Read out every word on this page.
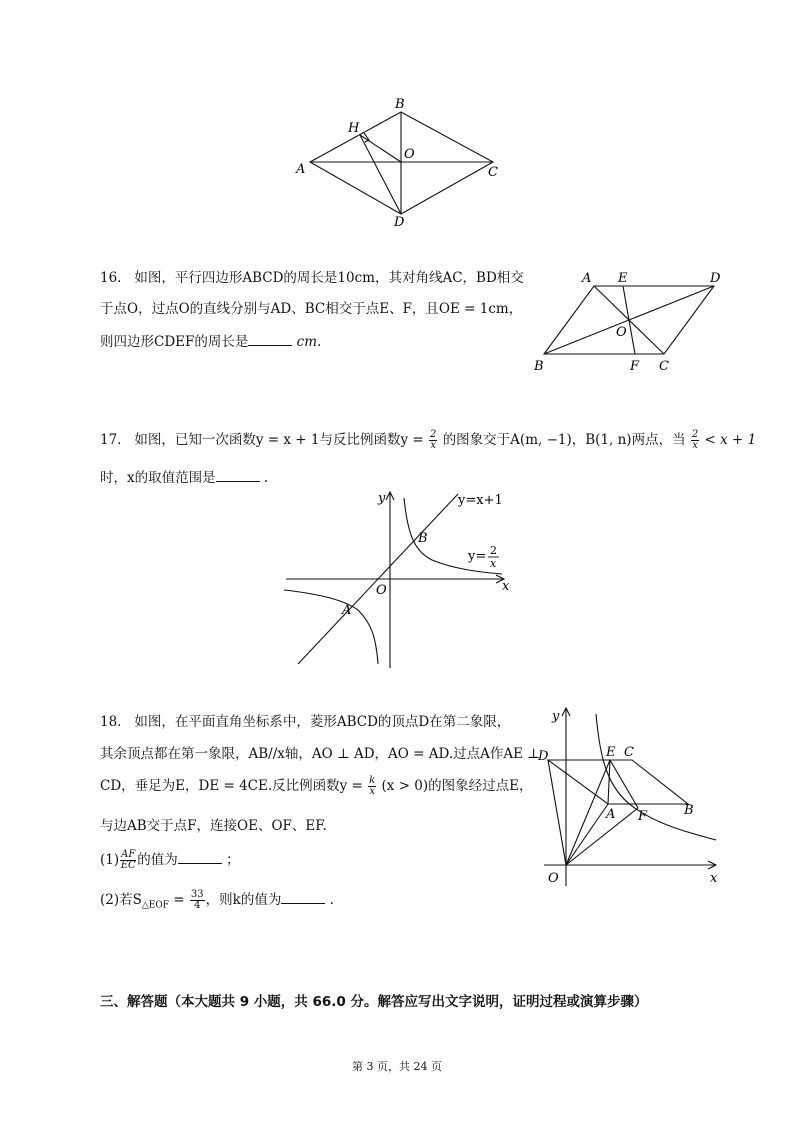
A
B
C
D
H
O
16. 如图，平行四边形ABCD的周长是10cm，其对角线AC，BD相交
于点O，过点O的直线分别与AD、BC相交于点E、F，且OE = 1cm，
则四边形CDEF的周长是	cm.
A E	D
O
B	F C
17. 如图，已知一次函数y = x + 1与反比例函数$y = \frac{2}{x}$ 的图象交于A(m, −1)，B(1, n)两点，当 $\frac{2}{x} < x + 1$
时，x的取值范围是	.
y
x
O
A
B
y=x+1
y= 2
x
18. 如图，在平面直角坐标系中，菱形ABCD的顶点D在第二象限，
其余顶点都在第一象限，AB//x轴，AO ⊥ AD，AO = AD.过点A作AE ⊥
CD，垂足为E，DE = 4CE.反比例函数$y = \frac{k}{x} (x > 0)$的图象经过点E，
与边AB交于点F，连接OE、OF、EF.
$(1) \frac{AF}{EC}$ 的值为	；
(2)若$S_{\triangle EOF} = \frac{33}{4}$ ，则k的值为	.
y
x
O
D	E C
A F	B
三、解答题（本大题共 9 小题，共 66.0 分。解答应写出文字说明，证明过程或演算步骤）
第 3 页，共 24 页
